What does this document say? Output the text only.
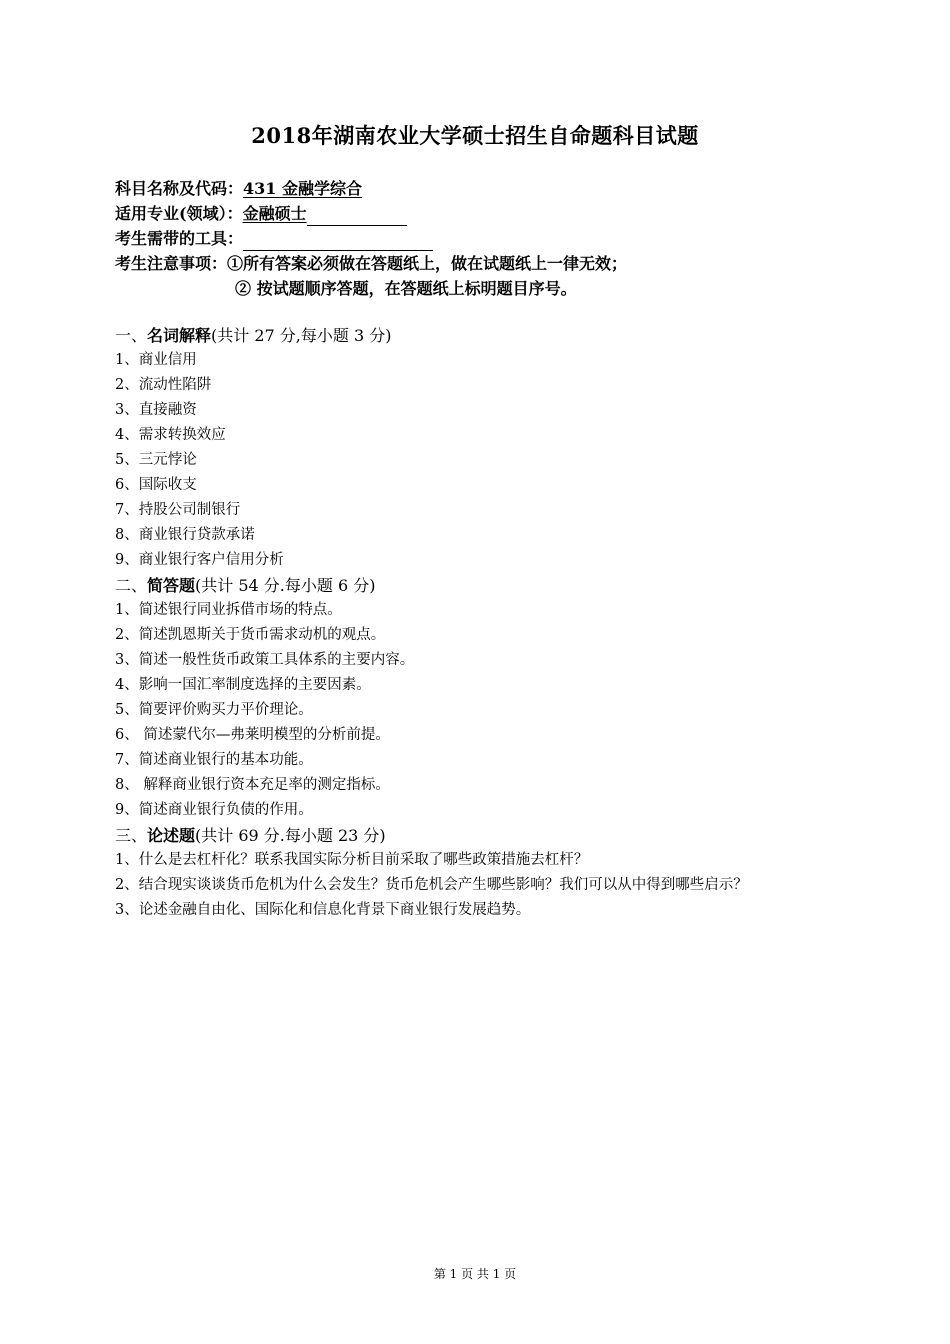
2018年湖南农业大学硕士招生自命题科目试题
科目名称及代码：431 金融学综合
适用专业(领域）：金融硕士
考生需带的工具：
考生注意事项：①所有答案必须做在答题纸上，做在试题纸上一律无效；
② 按试题顺序答题，在答题纸上标明题目序号。
一、名词解释(共计 27 分,每小题 3 分)
1、商业信用
2、流动性陷阱
3、直接融资
4、需求转换效应
5、三元悖论
6、国际收支
7、持股公司制银行
8、商业银行贷款承诺
9、商业银行客户信用分析
二、简答题(共计 54 分.每小题 6 分)
1、简述银行同业拆借市场的特点。
2、简述凯恩斯关于货币需求动机的观点。
3、简述一般性货币政策工具体系的主要内容。
4、影响一国汇率制度选择的主要因素。
5、简要评价购买力平价理论。
6、 简述蒙代尔—弗莱明模型的分析前提。
7、简述商业银行的基本功能。
8、 解释商业银行资本充足率的测定指标。
9、简述商业银行负债的作用。
三、论述题(共计 69 分.每小题 23 分)
1、什么是去杠杆化？联系我国实际分析目前采取了哪些政策措施去杠杆？
2、结合现实谈谈货币危机为什么会发生？货币危机会产生哪些影响？我们可以从中得到哪些启示？
3、论述金融自由化、国际化和信息化背景下商业银行发展趋势。
第 1 页 共 1 页
